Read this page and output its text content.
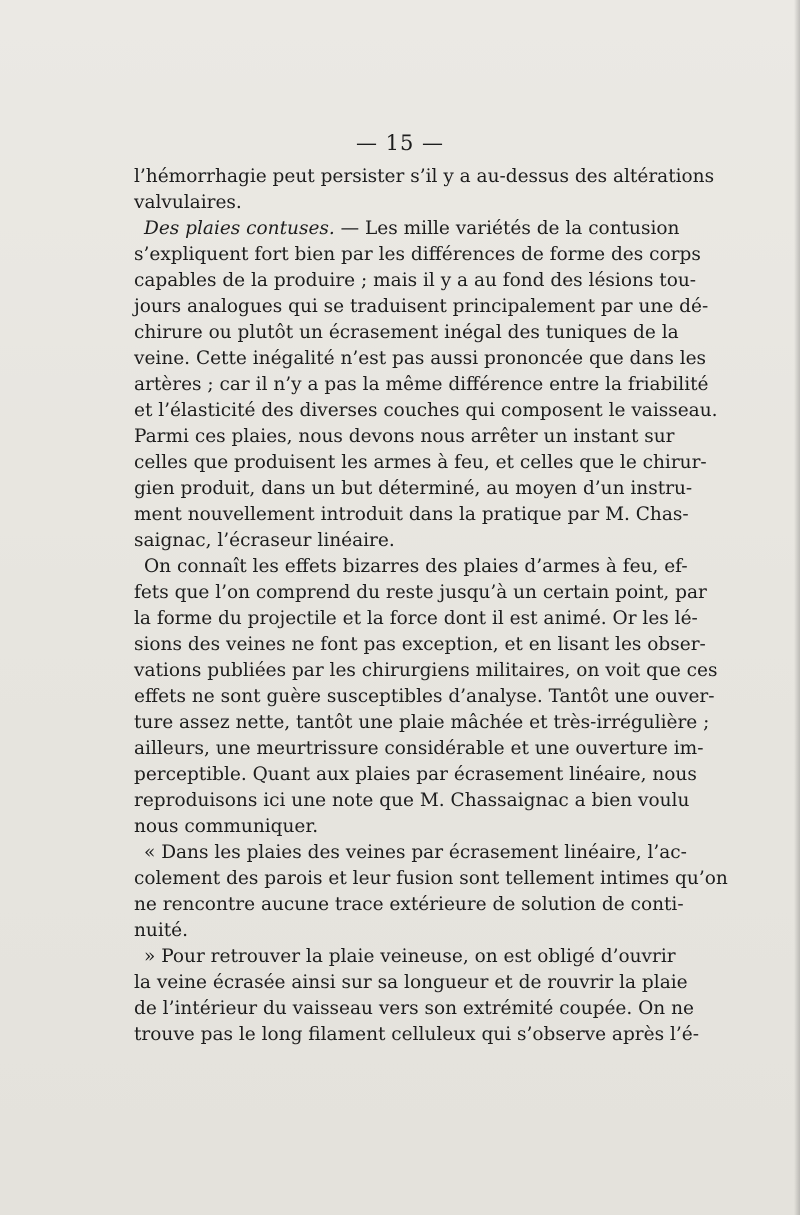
— 15 —
l’hémorrhagie peut persister s’il y a au-dessus des altérations
valvulaires.
Des plaies contuses. — Les mille variétés de la contusion
s’expliquent fort bien par les différences de forme des corps
capables de la produire ; mais il y a au fond des lésions tou-
jours analogues qui se traduisent principalement par une dé-
chirure ou plutôt un écrasement inégal des tuniques de la
veine. Cette inégalité n’est pas aussi prononcée que dans les
artères ; car il n’y a pas la même différence entre la friabilité
et l’élasticité des diverses couches qui composent le vaisseau.
Parmi ces plaies, nous devons nous arrêter un instant sur
celles que produisent les armes à feu, et celles que le chirur-
gien produit, dans un but déterminé, au moyen d’un instru-
ment nouvellement introduit dans la pratique par M. Chas-
saignac, l’écraseur linéaire.
On connaît les effets bizarres des plaies d’armes à feu, ef-
fets que l’on comprend du reste jusqu’à un certain point, par
la forme du projectile et la force dont il est animé. Or les lé-
sions des veines ne font pas exception, et en lisant les obser-
vations publiées par les chirurgiens militaires, on voit que ces
effets ne sont guère susceptibles d’analyse. Tantôt une ouver-
ture assez nette, tantôt une plaie mâchée et très-irrégulière ;
ailleurs, une meurtrissure considérable et une ouverture im-
perceptible. Quant aux plaies par écrasement linéaire, nous
reproduisons ici une note que M. Chassaignac a bien voulu
nous communiquer.
« Dans les plaies des veines par écrasement linéaire, l’ac-
colement des parois et leur fusion sont tellement intimes qu’on
ne rencontre aucune trace extérieure de solution de conti-
nuité.
» Pour retrouver la plaie veineuse, on est obligé d’ouvrir
la veine écrasée ainsi sur sa longueur et de rouvrir la plaie
de l’intérieur du vaisseau vers son extrémité coupée. On ne
trouve pas le long filament celluleux qui s’observe après l’é-
